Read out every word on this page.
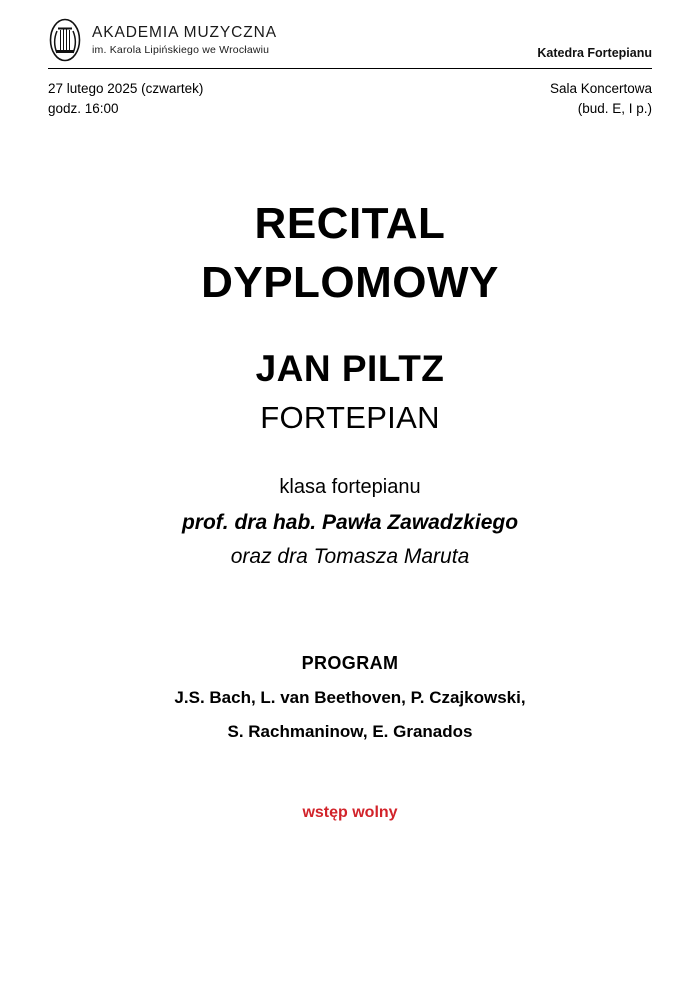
AKADEMIA MUZYCZNA
im. Karola Lipińskiego we Wrocławiu	Katedra Fortepianu
27 lutego 2025 (czwartek)
godz. 16:00
Sala Koncertowa
(bud. E, I p.)
RECITAL
DYPLOMOWY
JAN PILTZ
FORTEPIAN
klasa fortepianu
prof. dra hab. Pawła Zawadzkiego
oraz dra Tomasza Maruta
PROGRAM
J.S. Bach, L. van Beethoven, P. Czajkowski,
S. Rachmaninow, E. Granados
wstęp wolny
